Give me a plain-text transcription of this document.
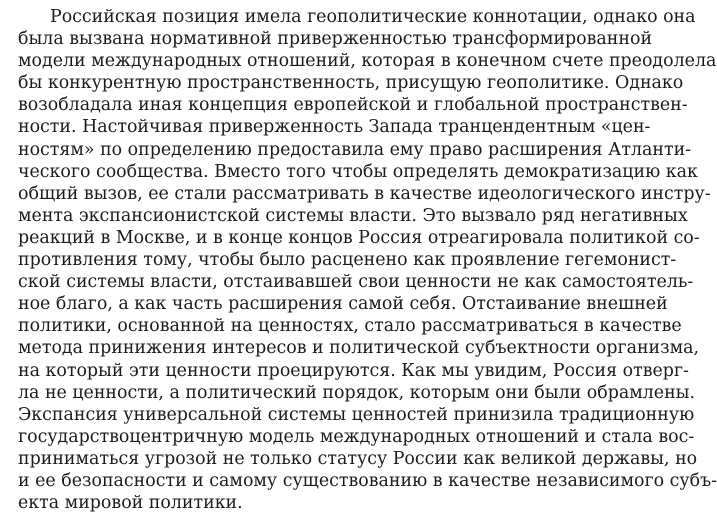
Российская позиция имела геополитические коннотации, однако она
была вызвана нормативной приверженностью трансформированной
модели международных отношений, которая в конечном счете преодолела
бы конкурентную пространственность, присущую геополитике. Однако
возобладала иная концепция европейской и глобальной пространствен-
ности. Настойчивая приверженность Запада транцендентным «цен-
ностям» по определению предоставила ему право расширения Атланти-
ческого сообщества. Вместо того чтобы определять демократизацию как
общий вызов, ее стали рассматривать в качестве идеологического инстру-
мента экспансионистской системы власти. Это вызвало ряд негативных
реакций в Москве, и в конце концов Россия отреагировала политикой со-
противления тому, чтобы было расценено как проявление гегемонист-
ской системы власти, отстаивавшей свои ценности не как самостоятель-
ное благо, а как часть расширения самой себя. Отстаивание внешней
политики, основанной на ценностях, стало рассматриваться в качестве
метода принижения интересов и политической субъектности организма,
на который эти ценности проецируются. Как мы увидим, Россия отверг-
ла не ценности, а политический порядок, которым они были обрамлены.
Экспансия универсальной системы ценностей принизила традиционную
государствоцентричную модель международных отношений и стала вос-
приниматься угрозой не только статусу России как великой державы, но
и ее безопасности и самому существованию в качестве независимого субъ-
екта мировой политики.
